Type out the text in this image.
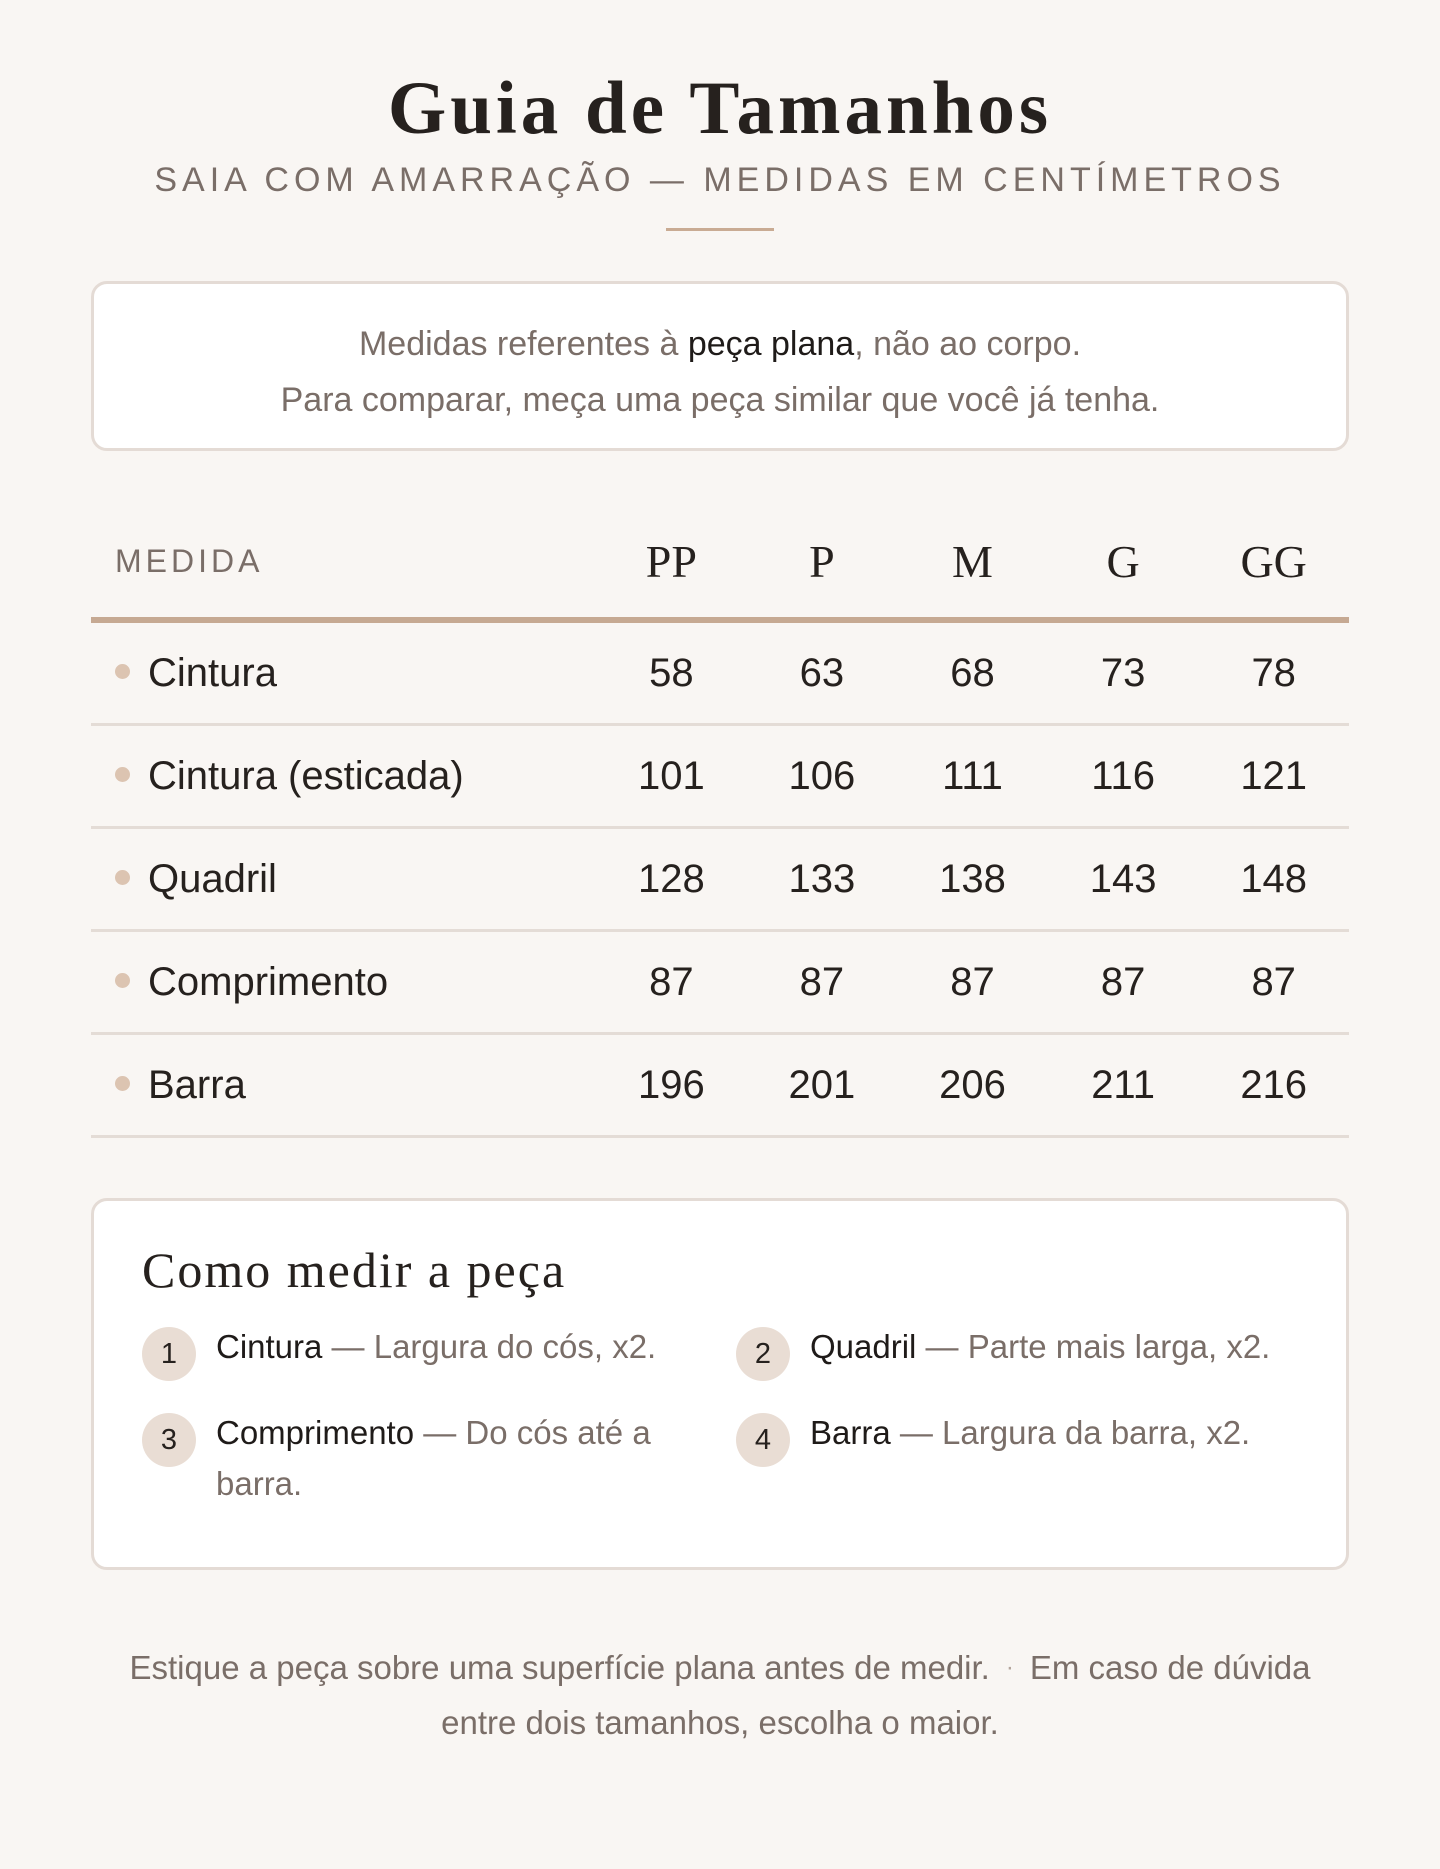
Guia de Tamanhos
SAIA COM AMARRAÇÃO — MEDIDAS EM CENTÍMETROS
Medidas referentes à peça plana, não ao corpo.
Para comparar, meça uma peça similar que você já tenha.
MEDIDA	PP	P	M	G	GG
Cintura	58	63	68	73	78
Cintura (esticada)	101	106	111	116	121
Quadril	128	133	138	143	148
Comprimento	87	87	87	87	87
Barra	196	201	206	211	216
Como medir a peça
1	Cintura — Largura do cós, x2.	2	Quadril — Parte mais larga, x2.
3	Comprimento — Do cós até a barra.
4	Barra — Largura da barra, x2.
Estique a peça sobre uma superfície plana antes de medir. · Em caso de dúvida entre dois tamanhos, escolha o maior.
